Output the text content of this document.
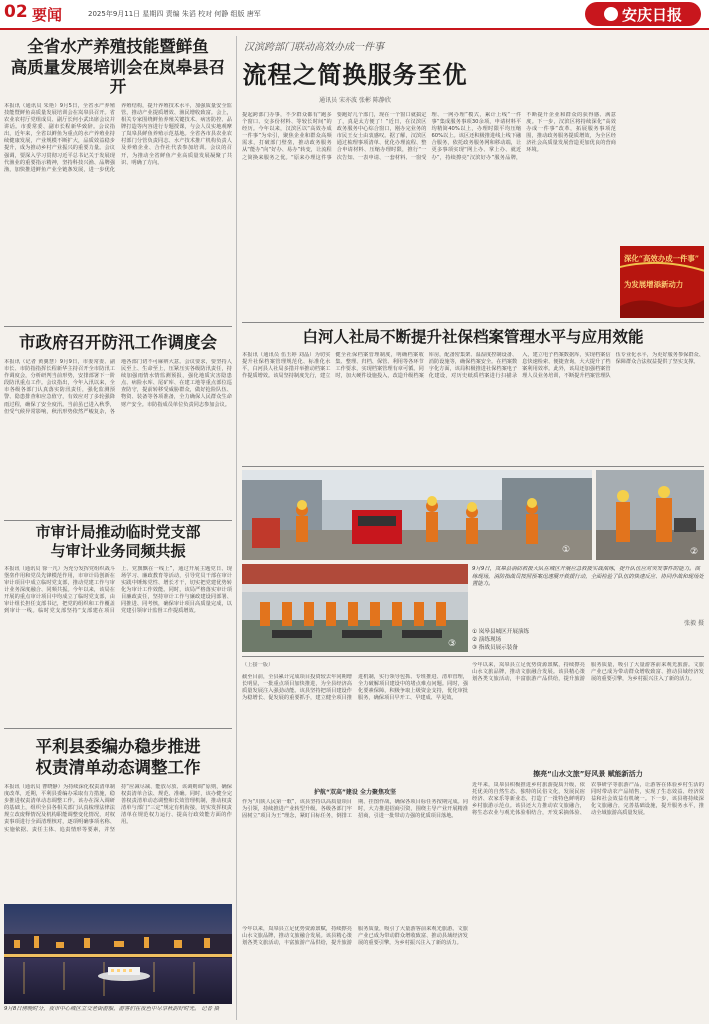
02 要闻	2025年9月11日 星期四 责编 朱滔 校对 何静 组版 唐军	安庆日报
全省水产养殖技能暨鲜鱼
高质量发展培训会在岚皋县召开
本报讯（通讯员 朱艳）9月5日，全省水产养殖技能暨鲜鱼高质量发展培训会在岚皋县召开。省农业农村厅党组成员、副厅长何小武出席会议并讲话。市委常委、副市长程新华致辞。会议指出，近年来，全省以鲜鱼为重点的水产养殖业持续健康发展，产业规模不断扩大，品质效益稳步提升，成为推动乡村产业振兴的重要力量。会议强调，要深入学习贯彻习近平总书记关于发展现代渔业的重要指示精神，坚持科技兴渔、品牌强渔，加快推进鲜鱼产业全链条发展，进一步优化养殖结构，提升养殖技术水平，加强质量安全监管，推动产业提质增效、渔民增收致富。会上，相关专家围绕鲜鱼养殖关键技术、病害防控、品牌打造等内容进行专题授课，与会人员实地观摩了岚皋县鲜鱼养殖示范基地。全省各市县农业农村部门分管负责同志、水产技术推广机构负责人及养殖企业、合作社代表参加培训。会议的召开，为推动全省鲜鱼产业高质量发展凝聚了共识、明确了方向。
市政府召开防汛工作调度会
本报讯（记者 黄翼慧）9月9日，市委常委、副市长、市防指指挥长程新华主持召开全市防汛工作调度会，分析研判当前形势，安排部署下一阶段防汛重点工作。会议指出，今年入汛以来，全市各级各部门认真落实防汛责任，强化监测预警、隐患排查和应急值守，有效应对了多轮强降雨过程，确保了安全度汛。当前虽已进入秋季，但受气候异常影响，秋汛形势依然严峻复杂，各地各部门切不可麻痹大意。会议要求，要坚持人民至上、生命至上，压紧压实各级防汛责任，持续加强雨情水情监测预报，强化地质灾害隐患点、病险水库、尾矿库、在建工地等重点部位巡查防守，提前转移受威胁群众，做好抢险队伍、物资、装备等各项准备，全力确保人民群众生命财产安全。市防指成员单位负责同志参加会议。
市审计局推动临时党支部
与审计业务同频共振
本报讯（通讯员 徐一凡）为充分发挥党组织战斗堡垒作用和党员先锋模范作用，市审计局创新在审计项目中成立临时党支部，推动党建工作与审计业务深度融合、同频共振。今年以来，该局在开展的重点审计项目中均成立了临时党支部，由审计组长担任支部书记，把党的组织和工作覆盖到审计一线。临时党支部坚持“支部建在项目上、党旗飘在一线上”，通过开展主题党日、现场学习、廉政教育等活动，引导党员干部在审计实践中锤炼党性、增长才干，切实把党建优势转化为审计工作效能。同时，该局严格落实审计项目廉政责任，坚持审计工作与廉政建设同部署、同推进、同考核，确保审计项目高质量完成，以党建引领审计监督工作提质增效。
平利县委编办稳步推进
权责清单动态调整工作
本报讯（通讯员 曹晓静）为持续深化权责清单制度改革，近期，平利县委编办采取有力措施，稳步推进权责清单动态调整工作。该办在深入调研的基础上，组织全县各相关部门认真梳理法律法规立改废释情况及机构职能调整变化情况，对权责事项进行全面清理核对，逐项明确事项名称、实施依据、责任主体、追责情形等要素，并坚持“应减尽减、能放尽放、该调则调”原则，确保权责清单合法、规范、准确。同时，该办健全完善权责清单动态调整和长效管理机制，推动权责清单与部门“三定”规定有机衔接，切实发挥权责清单在规范权力运行、提高行政效能方面的作用。
9月8日傍晚时分，夜市中心城区立交老街游船，游客们在夜色中尽享秋韵好时光。 记者 摄
汉滨跨部门联动高效办成一件事
流程之简换服务至优
通讯员 宋亦波 张彬 陈静欣
提起跨部门办事，不少群众都有“跑多个窗口、交多份材料、等较长时间”的经历。今年以来，汉滨区以“高效办成一件事”为牵引，聚焦企业和群众高频需求，打破部门壁垒，推动政务服务从“能办”向“好办、易办”转变，让流程之简换来服务之优。“原来办理这件事要跑好几个部门，现在一个窗口就搞定了，真是太方便了！”近日，在汉滨区政务服务中心综合窗口，刚办完业务的市民王女士由衷感叹。据了解，汉滨区通过梳理事项清单、优化办理流程、整合申请材料、压缩办理时限，推行“一次告知、一表申请、一套材料、一窗受理、一网办理”模式，累计上线“一件事”集成服务事项30余项，申请材料平均精简40%以上，办理时限平均压缩60%以上。该区还积极推进线上线下融合服务，依托政务服务网和移动端，让更多事项实现“网上办、掌上办、就近办”，持续擦亮“汉滨好办”服务品牌，不断提升企业和群众的获得感、满意度。下一步，汉滨区将持续深化“高效办成一件事”改革，拓展服务事项范围，推动政务服务提质增效，为全区经济社会高质量发展营造更加优良的营商环境。
深化“高效办成一件事”
为发展增添新动力
白河人社局不断提升社保档案管理水平与应用效能
本报讯（通讯员 伍玉婷 刘晶）为切实提升社保档案管理规范化、标准化水平，白河县人社局多措并举推动档案工作提质增效。该局坚持制度先行，建立健全社保档案管理制度，明确档案收集、整理、归档、保管、利用等各环节工作要求，实现档案管理有章可循。同时，加大硬件设施投入，改造升级档案库房，配备密集架、温湿度控制设备、消防设施等，确保档案安全。在档案数字化方面，该局积极推进社保档案电子化建设，对历史纸质档案进行扫描录入，建立电子档案数据库，实现档案信息快速检索、便捷查询，大大提升了档案利用效率。此外，该局还加强档案管理人员业务培训，不断提升档案管理队伍专业化水平，为更好服务参保群众、保障群众合法权益提供了坚实支撑。
①	②
③
9月9日，岚皋县消防救援大队在城区开展应急救援实战演练，提升队伍应对突发事件的能力。演练现场，消防指战员按照预案迅速展开救援行动，全面检验了队伍的快速反应、协同作战和现场处置能力。
张毅 摄
① 岚皋县城区开展演练
② 演练现场
③ 指战员展示装备
（上接一版）
截至目前，全县累计完成项目投资较去年同期增长明显，一批重点项目加快推进，为全县经济高质量发展注入强劲动能。该县坚持把项目建设作为稳增长、促发展的重要抓手，建立健全项目推进机制，实行领导包抓、专班推进、清单管理，全力破解项目建设中的堵点难点问题。同时，强化要素保障，积极争取上级资金支持，优化审批服务，确保项目早开工、早建成、早见效。
护航“双高”建设 全力聚焦攻坚
作为“川陕人民第一歌”，该县坚持以高质量项目为引领，持续推进产业转型升级。各级各部门牢固树立“项目为王”理念，紧盯目标任务，倒排工期、挂图作战，确保各项目标任务按期完成。同时，大力推进招商引资，围绕主导产业开展精准招商，引进一批带动力强的优质项目落地。
今年以来，岚皋县立足优势资源禀赋，持续擦亮山水文旅品牌，推动文旅融合发展。该县精心策划各类文旅活动，丰富旅游产品供给，提升旅游服务质量，吸引了大量游客前来观光旅游。文旅产业已成为带动群众增收致富、推动县域经济发展的重要引擎，为乡村振兴注入了新的活力。
擦亮“山水文旅”好风景 赋能新活力
近年来，岚皋县积极推进乡村旅游提质升级，依托优美的自然生态、独特的民俗文化，发展民宿经济、农家乐等新业态，打造了一批特色鲜明的乡村旅游示范点。该县还大力推动农文旅融合，将生态农业与观光体验相结合，开发采摘体验、农事研学等旅游产品，让游客在体验乡村生活的同时带动农产品销售，实现了生态效益、经济效益和社会效益有机统一。下一步，该县将持续深化文旅融合，完善基础设施，提升服务水平，推动全域旅游高质量发展。
今年以来，岚皋县立足优势资源禀赋，持续擦亮山水文旅品牌，推动文旅融合发展。该县精心策划各类文旅活动，丰富旅游产品供给，提升旅游服务质量，吸引了大量游客前来观光旅游。文旅产业已成为带动群众增收致富、推动县域经济发展的重要引擎，为乡村振兴注入了新的活力。
